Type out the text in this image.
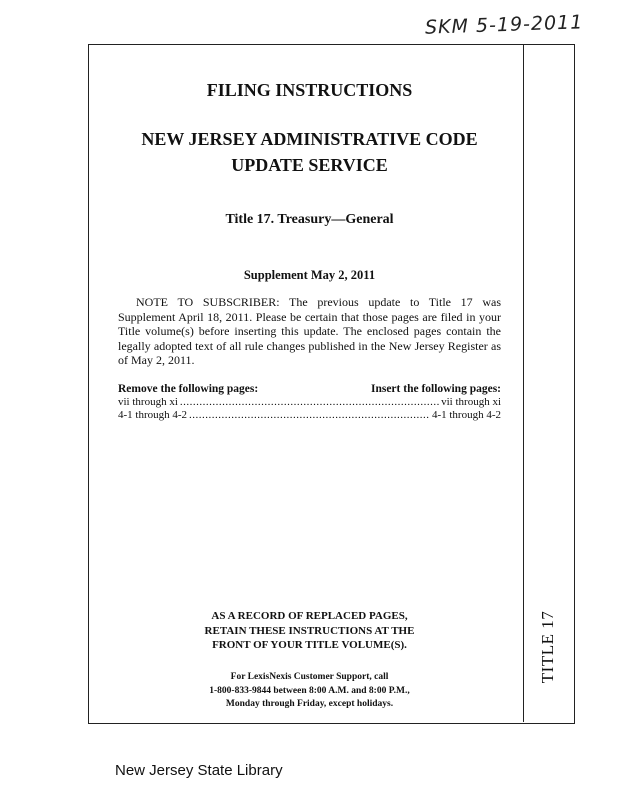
SKM 5-19-2011
FILING INSTRUCTIONS
NEW JERSEY ADMINISTRATIVE CODE
UPDATE SERVICE
Title 17. Treasury—General
Supplement May 2, 2011
NOTE TO SUBSCRIBER: The previous update to Title 17 was Supplement April 18, 2011. Please be certain that those pages are filed in your Title volume(s) before inserting this update. The enclosed pages contain the legally adopted text of all rule changes published in the New Jersey Register as of May 2, 2011.
Remove the following pages:	Insert the following pages:
vii through xi .....	vii through xi
4-1 through 4-2 .....	4-1 through 4-2
AS A RECORD OF REPLACED PAGES,
RETAIN THESE INSTRUCTIONS AT THE
FRONT OF YOUR TITLE VOLUME(S).
For LexisNexis Customer Support, call
1-800-833-9844 between 8:00 A.M. and 8:00 P.M.,
Monday through Friday, except holidays.
TITLE 17
New Jersey State Library
